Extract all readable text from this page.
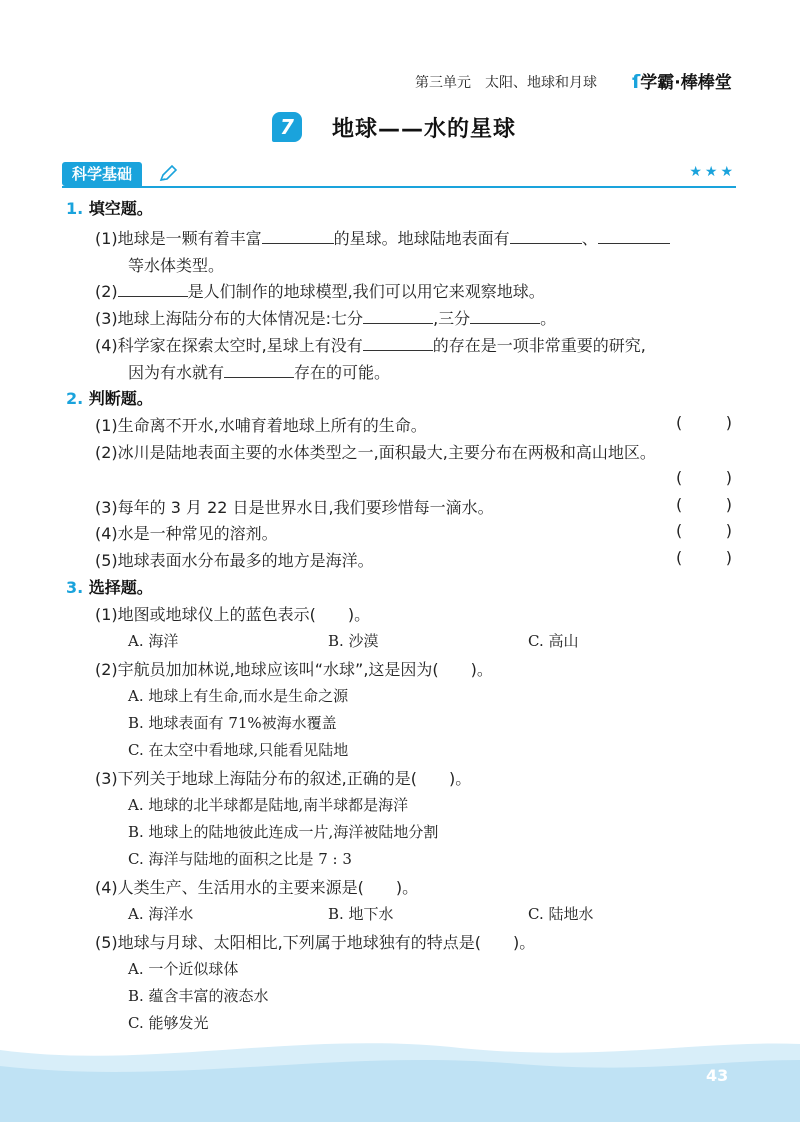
第三单元　太阳、地球和月球 ſ学霸·棒棒堂
7	地球——水的星球
科学基础	★★★
1. 填空题。
(1)地球是一颗有着丰富	的星球。地球陆地表面有	、
等水体类型。
(2)	是人们制作的地球模型,我们可以用它来观察地球。
(3)地球上海陆分布的大体情况是:七分	,三分	。
(4)科学家在探索太空时,星球上有没有	的存在是一项非常重要的研究,
因为有水就有	存在的可能。
2. 判断题。
(1)生命离不开水,水哺育着地球上所有的生命。	(	)
(2)冰川是陆地表面主要的水体类型之一,面积最大,主要分布在两极和高山地区。
(	)
(3)每年的 3 月 22 日是世界水日,我们要珍惜每一滴水。	(	)
(4)水是一种常见的溶剂。	(	)
(5)地球表面水分布最多的地方是海洋。	(	)
3. 选择题。
(1)地图或地球仪上的蓝色表示(　　)。
A. 海洋	B. 沙漠	C. 高山
(2)宇航员加加林说,地球应该叫“水球”,这是因为(　　)。
A. 地球上有生命,而水是生命之源
B. 地球表面有 71%被海水覆盖
C. 在太空中看地球,只能看见陆地
(3)下列关于地球上海陆分布的叙述,正确的是(　　)。
A. 地球的北半球都是陆地,南半球都是海洋
B. 地球上的陆地彼此连成一片,海洋被陆地分割
C. 海洋与陆地的面积之比是 7 : 3
(4)人类生产、生活用水的主要来源是(　　)。
A. 海洋水	B. 地下水	C. 陆地水
(5)地球与月球、太阳相比,下列属于地球独有的特点是(　　)。
A. 一个近似球体
B. 蕴含丰富的液态水
C. 能够发光
43
